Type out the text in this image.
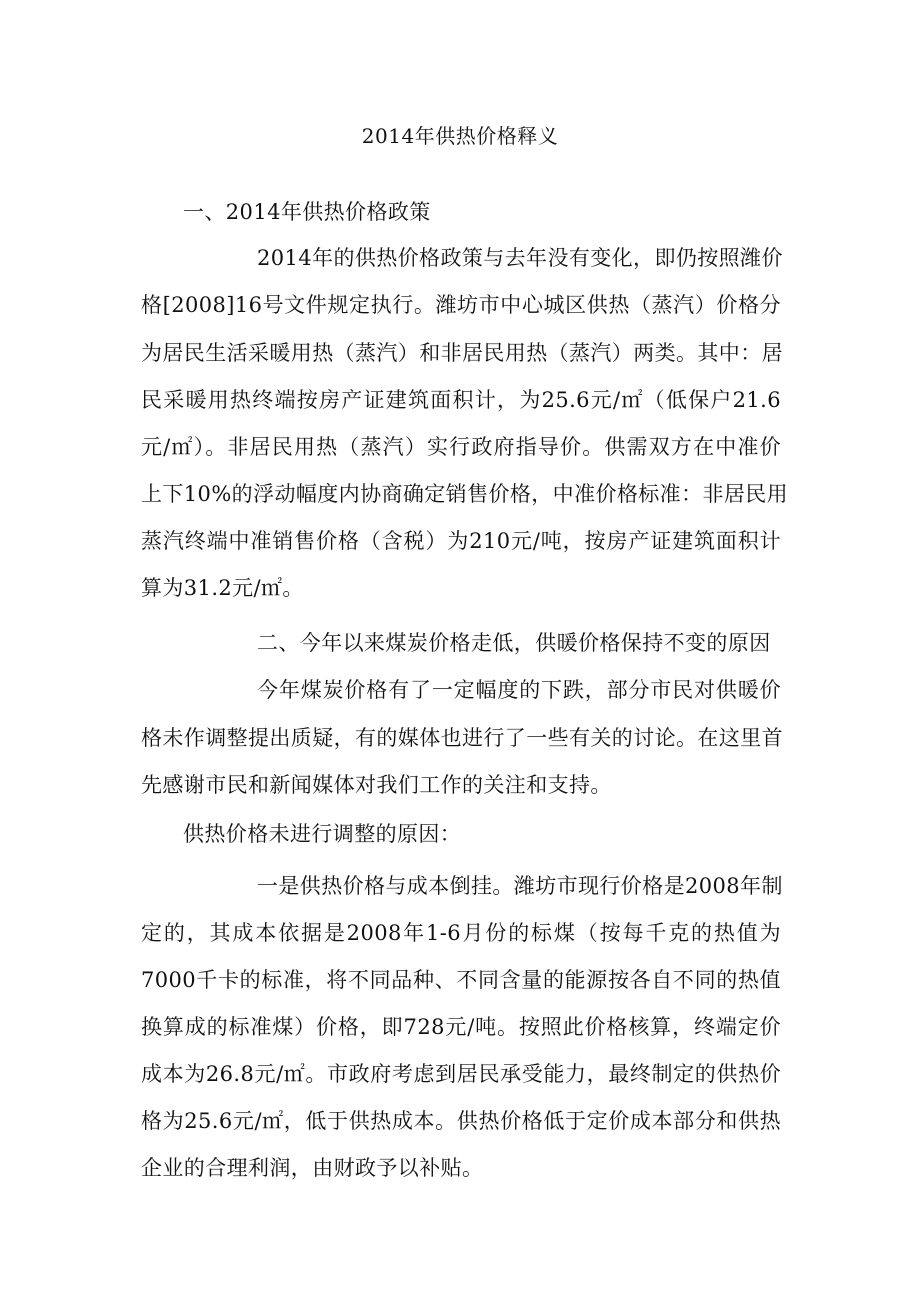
2014年供热价格释义
一、2014年供热价格政策
2014年的供热价格政策与去年没有变化，即仍按照潍价
格[2008]16号文件规定执行。潍坊市中心城区供热（蒸汽）价格分
为居民生活采暖用热（蒸汽）和非居民用热（蒸汽）两类。其中：居
民采暖用热终端按房产证建筑面积计，为25.6元/㎡（低保户21.6
元/㎡）。非居民用热（蒸汽）实行政府指导价。供需双方在中准价
上下10%的浮动幅度内协商确定销售价格，中准价格标准：非居民用
蒸汽终端中准销售价格（含税）为210元/吨，按房产证建筑面积计
算为31.2元/㎡。
二、今年以来煤炭价格走低，供暖价格保持不变的原因
今年煤炭价格有了一定幅度的下跌，部分市民对供暖价
格未作调整提出质疑，有的媒体也进行了一些有关的讨论。在这里首
先感谢市民和新闻媒体对我们工作的关注和支持。
供热价格未进行调整的原因：
一是供热价格与成本倒挂。潍坊市现行价格是2008年制
定的，其成本依据是2008年1-6月份的标煤（按每千克的热值为
7000千卡的标准，将不同品种、不同含量的能源按各自不同的热值
换算成的标准煤）价格，即728元/吨。按照此价格核算，终端定价
成本为26.8元/㎡。市政府考虑到居民承受能力，最终制定的供热价
格为25.6元/㎡，低于供热成本。供热价格低于定价成本部分和供热
企业的合理利润，由财政予以补贴。
